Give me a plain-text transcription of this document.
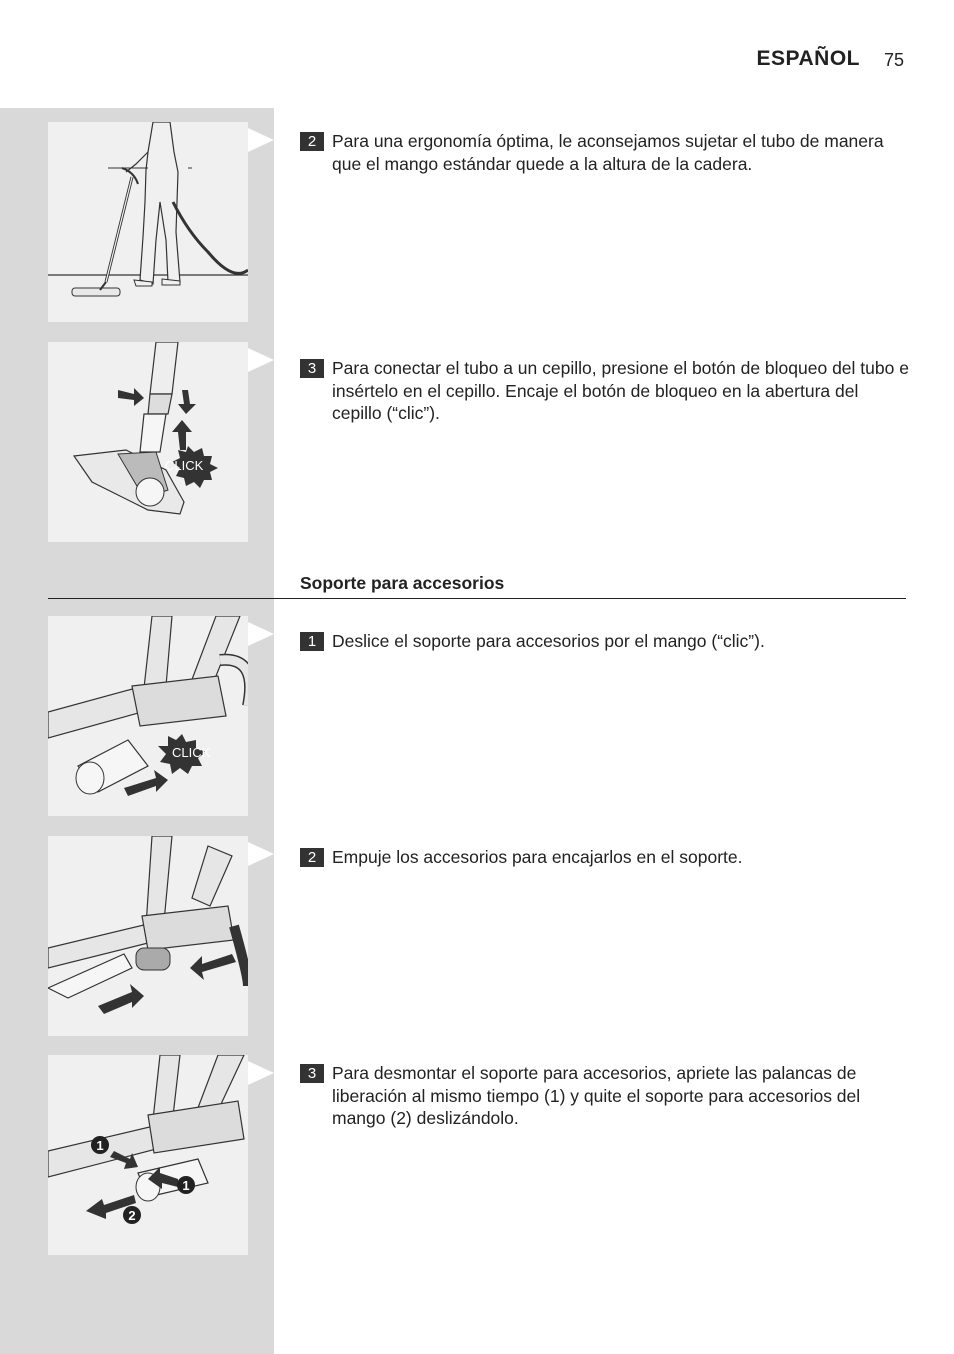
ESPAÑOL 75
CLICK
CLICK
1
1
2
2 Para una ergonomía óptima, le aconsejamos sujetar el tubo de manera que el mango estándar quede a la altura de la cadera.
3 Para conectar el tubo a un cepillo, presione el botón de bloqueo del tubo e insértelo en el cepillo. Encaje el botón de bloqueo en la abertura del cepillo (“clic”).
Soporte para accesorios
1 Deslice el soporte para accesorios por el mango (“clic”).
2 Empuje los accesorios para encajarlos en el soporte.
3 Para desmontar el soporte para accesorios, apriete las palancas de liberación al mismo tiempo (1) y quite el soporte para accesorios del mango (2) deslizándolo.
